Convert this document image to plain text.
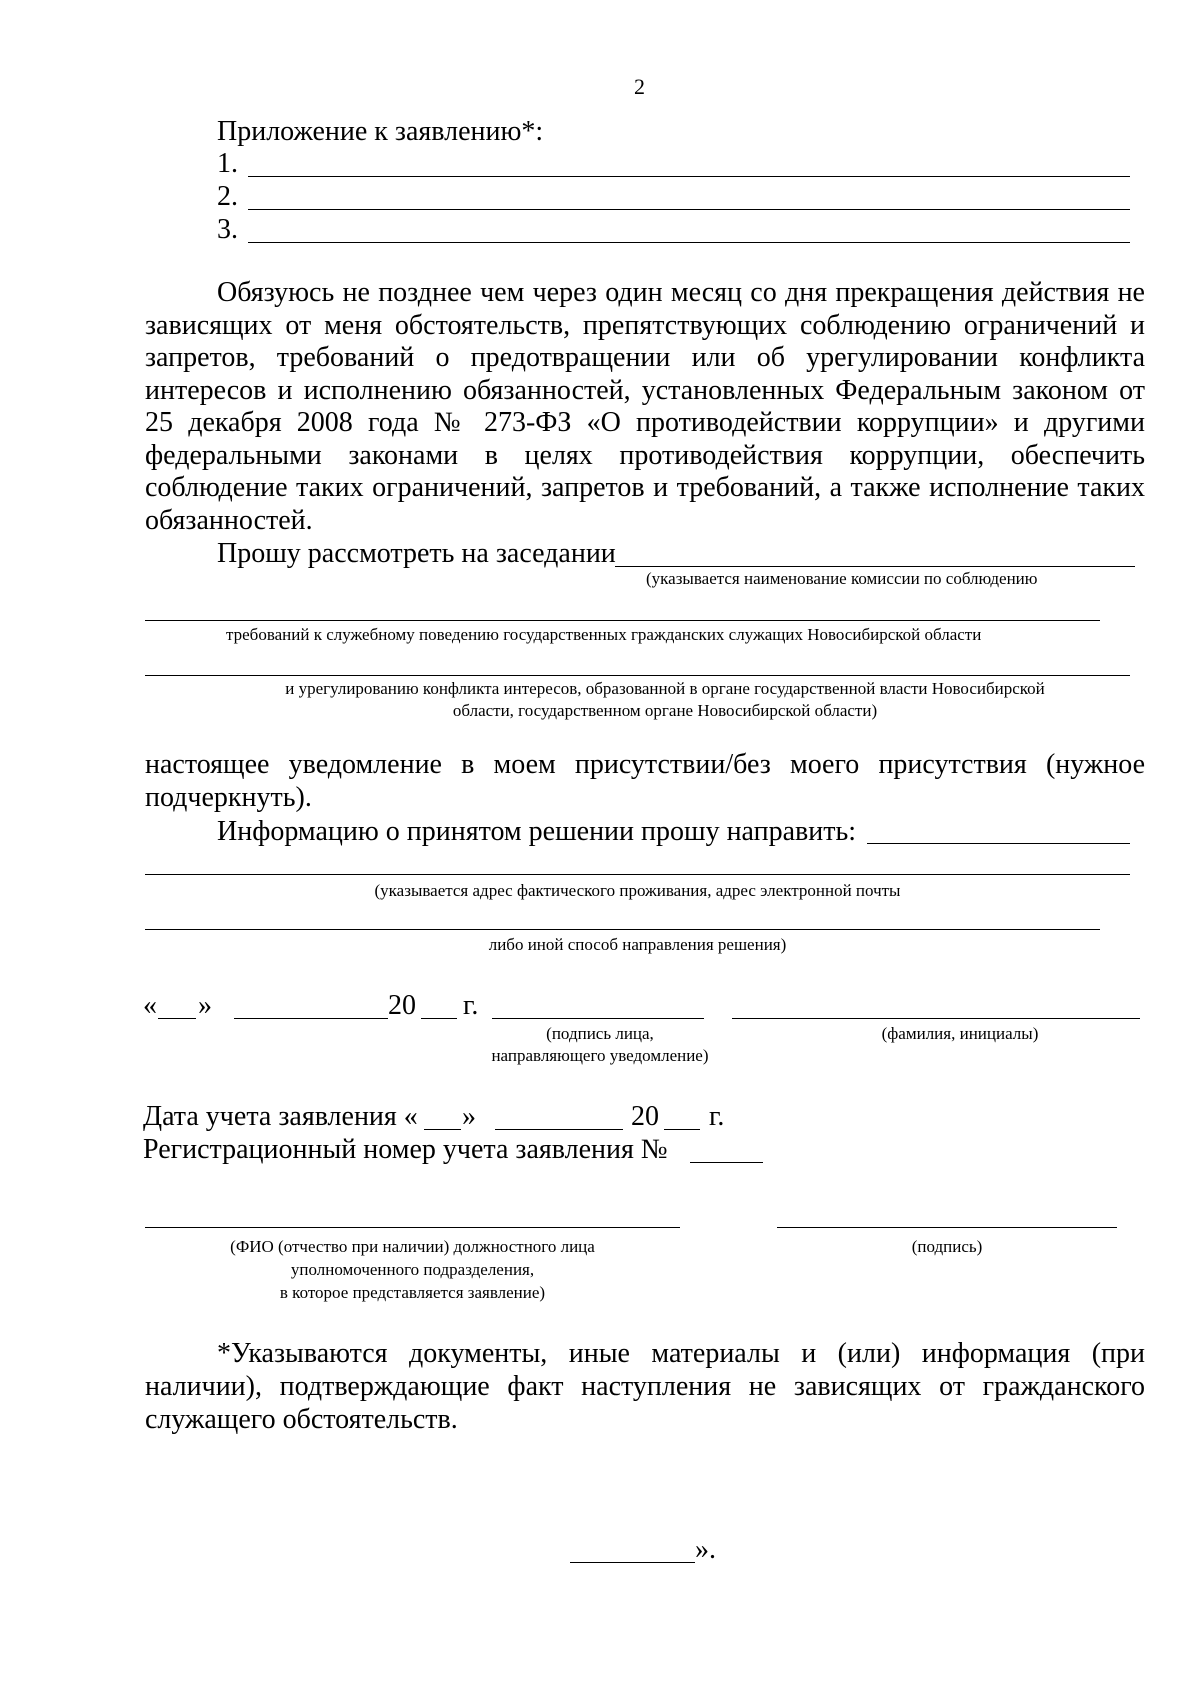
2
Приложение к заявлению*:
1.
2.
3.
Обязуюсь не позднее чем через один месяц со дня прекращения действия не зависящих от меня обстоятельств, препятствующих соблюдению ограничений и запретов, требований о предотвращении или об урегулировании конфликта интересов и исполнению обязанностей, установленных Федеральным законом от 25 декабря 2008 года № 273-ФЗ «О противодействии коррупции» и другими федеральными законами в целях противодействия коррупции, обеспечить соблюдение таких ограничений, запретов и требований, а также исполнение таких обязанностей.
Прошу рассмотреть на заседании
(указывается наименование комиссии по соблюдению
требований к служебному поведению государственных гражданских служащих Новосибирской области
и урегулированию конфликта интересов, образованной в органе государственной власти Новосибирской
области, государственном органе Новосибирской области)
настоящее уведомление в моем присутствии/без моего присутствия (нужное подчеркнуть).
Информацию о принятом решении прошу направить:
(указывается адрес фактического проживания, адрес электронной почты
либо иной способ направления решения)
« »	20 г.
(подпись лица,
направляющего уведомление)
(фамилия, инициалы)
Дата учета заявления « »	20 г.
Регистрационный номер учета заявления №
(ФИО (отчество при наличии) должностного лица
уполномоченного подразделения,
в которое представляется заявление)
(подпись)
*Указываются документы, иные материалы и (или) информация (при наличии), подтверждающие факт наступления не зависящих от гражданского служащего обстоятельств.
».
